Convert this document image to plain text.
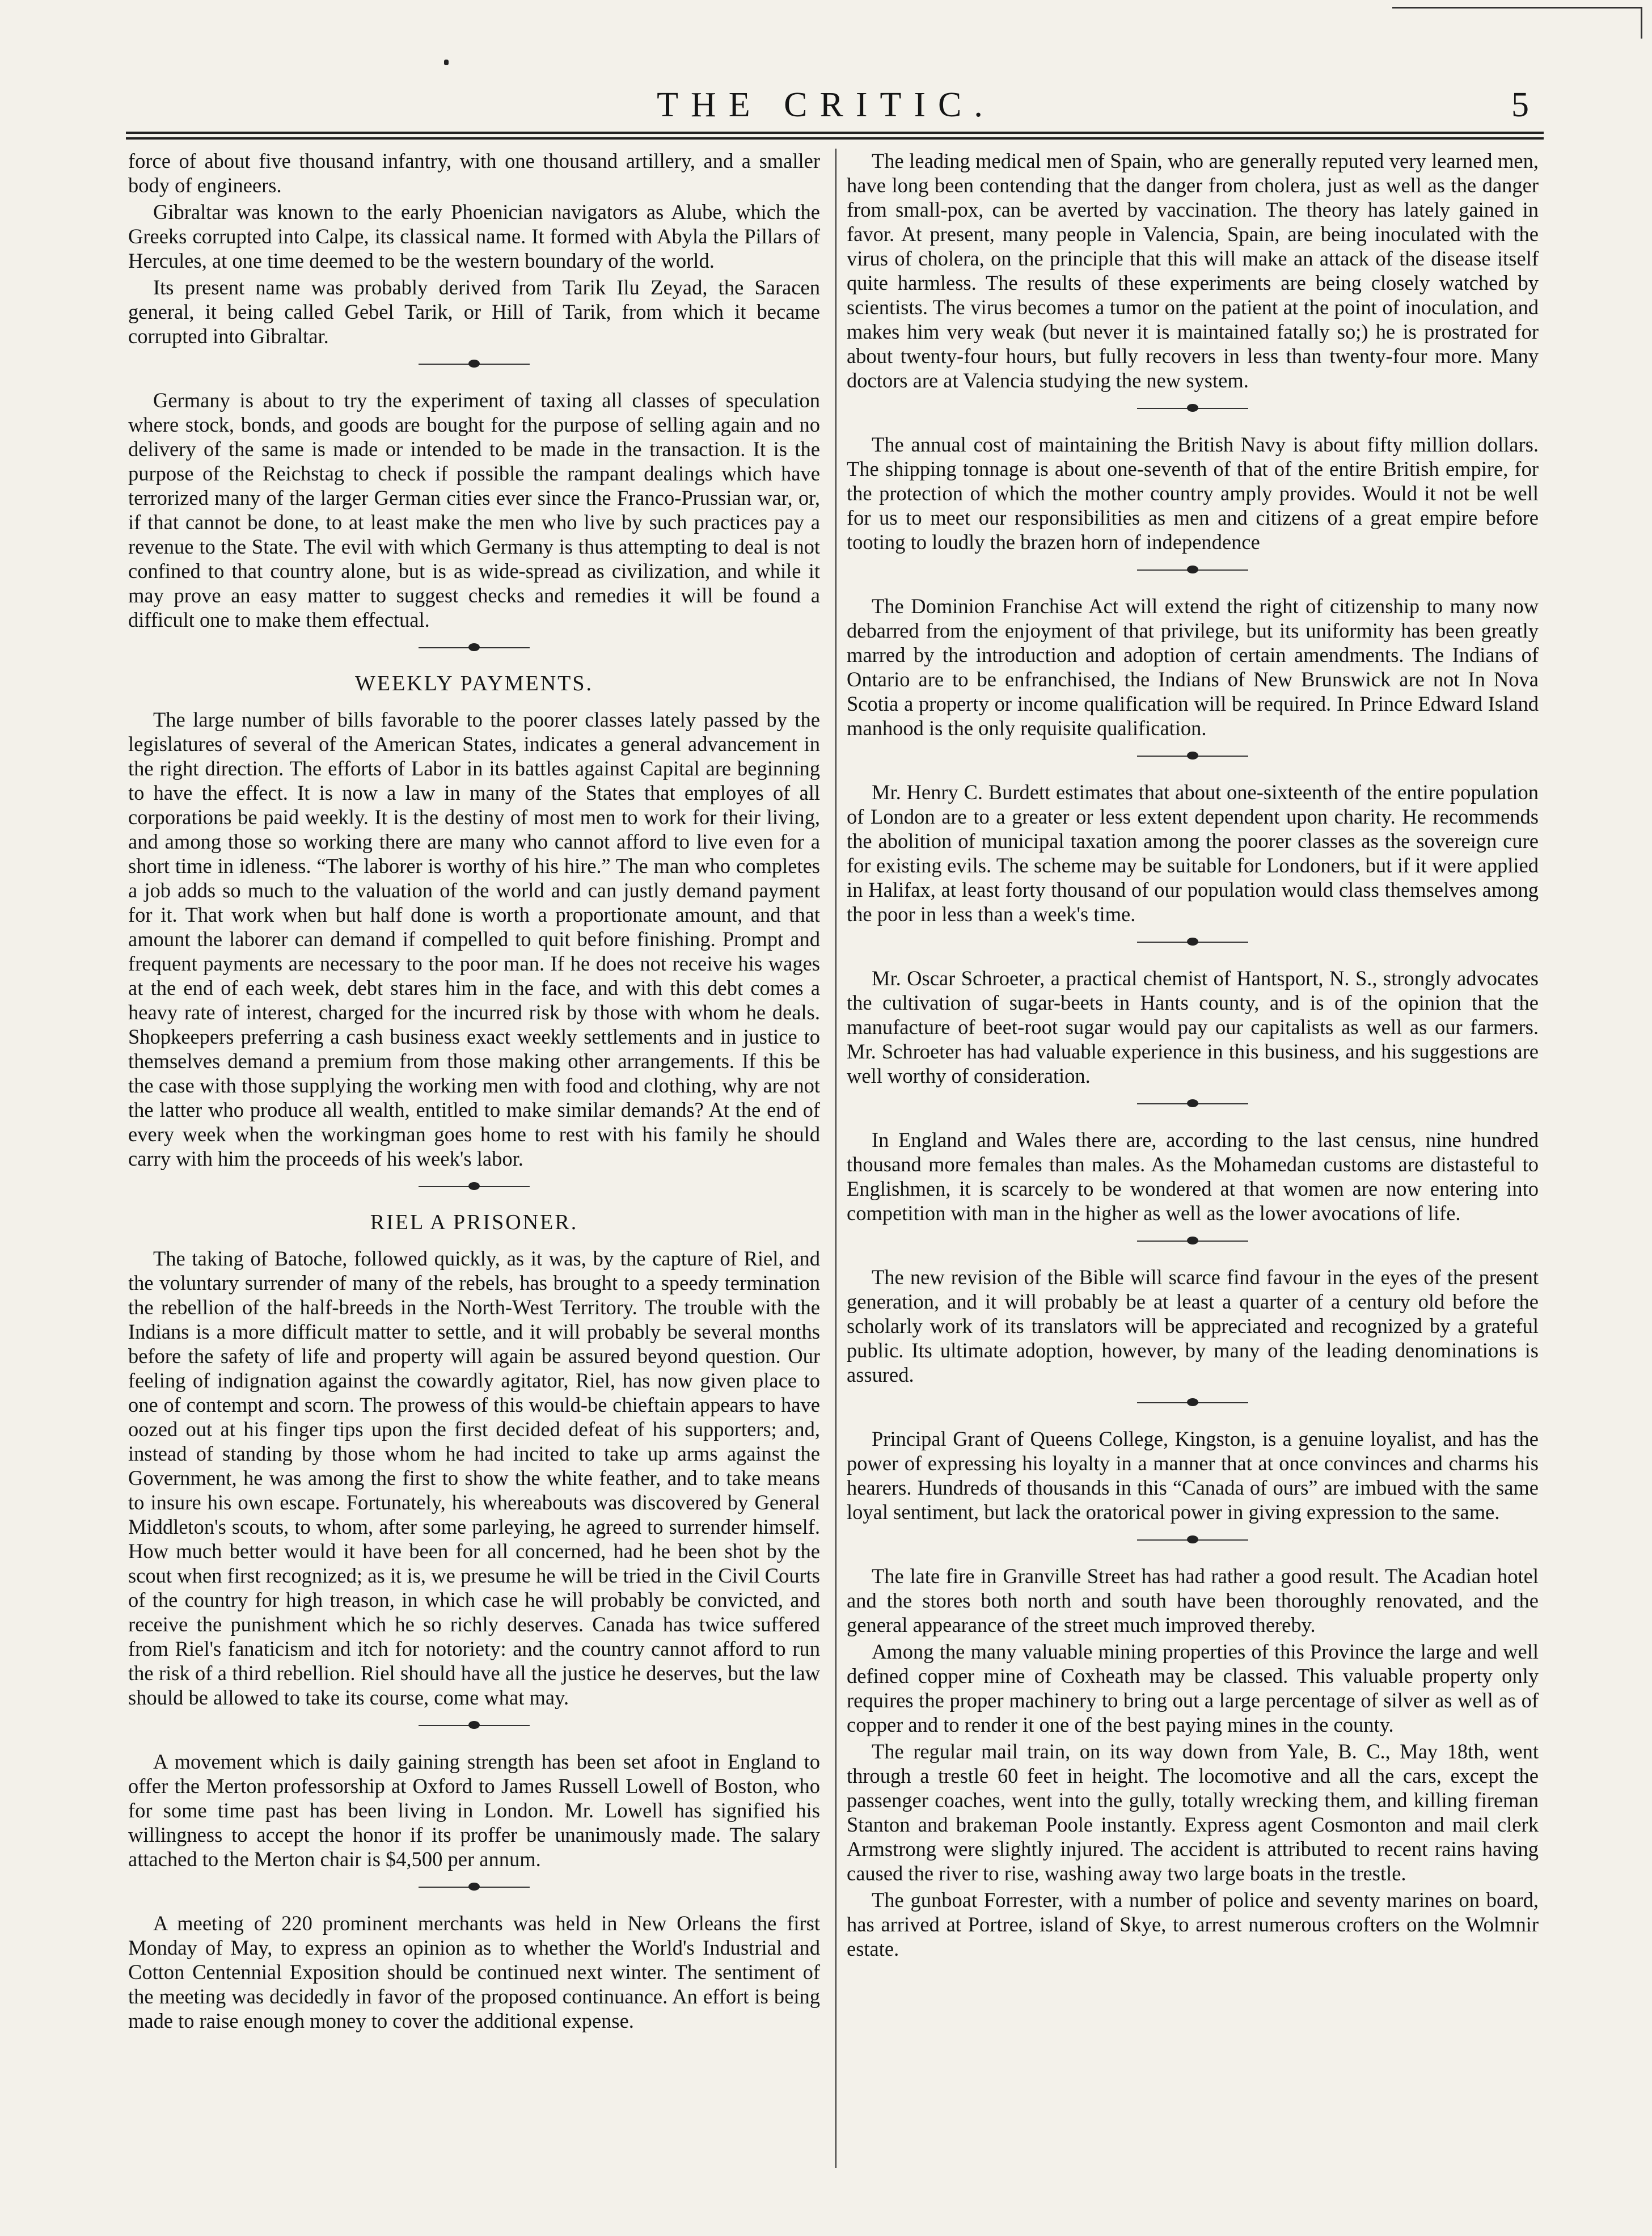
THE CRITIC.	5

force of about five thousand infantry, with one thousand artillery, and a smaller body of engineers.

Gibraltar was known to the early Phoenician navigators as Alube, which the Greeks corrupted into Calpe, its classical name. It formed with Abyla the Pillars of Hercules, at one time deemed to be the western boundary of the world.

Its present name was probably derived from Tarik Ilu Zeyad, the Saracen general, it being called Gebel Tarik, or Hill of Tarik, from which it became corrupted into Gibraltar.

Germany is about to try the experiment of taxing all classes of speculation where stock, bonds, and goods are bought for the purpose of selling again and no delivery of the same is made or intended to be made in the transaction. It is the purpose of the Reichstag to check if possible the rampant dealings which have terrorized many of the larger German cities ever since the Franco-Prussian war, or, if that cannot be done, to at least make the men who live by such practices pay a revenue to the State. The evil with which Germany is thus attempting to deal is not confined to that country alone, but is as wide-spread as civilization, and while it may prove an easy matter to suggest checks and remedies it will be found a difficult one to make them effectual.

WEEKLY PAYMENTS.

The large number of bills favorable to the poorer classes lately passed by the legislatures of several of the American States, indicates a general advancement in the right direction. The efforts of Labor in its battles against Capital are beginning to have the effect. It is now a law in many of the States that employes of all corporations be paid weekly. It is the destiny of most men to work for their living, and among those so working there are many who cannot afford to live even for a short time in idleness. “The laborer is worthy of his hire.” The man who completes a job adds so much to the valuation of the world and can justly demand payment for it. That work when but half done is worth a proportionate amount, and that amount the laborer can demand if compelled to quit before finishing. Prompt and frequent payments are necessary to the poor man. If he does not receive his wages at the end of each week, debt stares him in the face, and with this debt comes a heavy rate of interest, charged for the incurred risk by those with whom he deals. Shopkeepers preferring a cash business exact weekly settlements and in justice to themselves demand a premium from those making other arrangements. If this be the case with those supplying the working men with food and clothing, why are not the latter who produce all wealth, entitled to make similar demands? At the end of every week when the workingman goes home to rest with his family he should carry with him the proceeds of his week's labor.

RIEL A PRISONER.

The taking of Batoche, followed quickly, as it was, by the capture of Riel, and the voluntary surrender of many of the rebels, has brought to a speedy termination the rebellion of the half-breeds in the North-West Territory. The trouble with the Indians is a more difficult matter to settle, and it will probably be several months before the safety of life and property will again be assured beyond question. Our feeling of indignation against the cowardly agitator, Riel, has now given place to one of contempt and scorn. The prowess of this would-be chieftain appears to have oozed out at his finger tips upon the first decided defeat of his supporters; and, instead of standing by those whom he had incited to take up arms against the Government, he was among the first to show the white feather, and to take means to insure his own escape. Fortunately, his whereabouts was discovered by General Middleton's scouts, to whom, after some parleying, he agreed to surrender himself. How much better would it have been for all concerned, had he been shot by the scout when first recognized; as it is, we presume he will be tried in the Civil Courts of the country for high treason, in which case he will probably be convicted, and receive the punishment which he so richly deserves. Canada has twice suffered from Riel's fanaticism and itch for notoriety: and the country cannot afford to run the risk of a third rebellion. Riel should have all the justice he deserves, but the law should be allowed to take its course, come what may.

A movement which is daily gaining strength has been set afoot in England to offer the Merton professorship at Oxford to James Russell Lowell of Boston, who for some time past has been living in London. Mr. Lowell has signified his willingness to accept the honor if its proffer be unanimously made. The salary attached to the Merton chair is $4,500 per annum.

A meeting of 220 prominent merchants was held in New Orleans the first Monday of May, to express an opinion as to whether the World's Industrial and Cotton Centennial Exposition should be continued next winter. The sentiment of the meeting was decidedly in favor of the proposed continuance. An effort is being made to raise enough money to cover the additional expense.

The leading medical men of Spain, who are generally reputed very learned men, have long been contending that the danger from cholera, just as well as the danger from small-pox, can be averted by vaccination. The theory has lately gained in favor. At present, many people in Valencia, Spain, are being inoculated with the virus of cholera, on the principle that this will make an attack of the disease itself quite harmless. The results of these experiments are being closely watched by scientists. The virus becomes a tumor on the patient at the point of inoculation, and makes him very weak (but never it is maintained fatally so;) he is prostrated for about twenty-four hours, but fully recovers in less than twenty-four more. Many doctors are at Valencia studying the new system.

The annual cost of maintaining the British Navy is about fifty million dollars. The shipping tonnage is about one-seventh of that of the entire British empire, for the protection of which the mother country amply provides. Would it not be well for us to meet our responsibilities as men and citizens of a great empire before tooting to loudly the brazen horn of independence

The Dominion Franchise Act will extend the right of citizenship to many now debarred from the enjoyment of that privilege, but its uniformity has been greatly marred by the introduction and adoption of certain amendments. The Indians of Ontario are to be enfranchised, the Indians of New Brunswick are not In Nova Scotia a property or income qualification will be required. In Prince Edward Island manhood is the only requisite qualification.

Mr. Henry C. Burdett estimates that about one-sixteenth of the entire population of London are to a greater or less extent dependent upon charity. He recommends the abolition of municipal taxation among the poorer classes as the sovereign cure for existing evils. The scheme may be suitable for Londoners, but if it were applied in Halifax, at least forty thousand of our population would class themselves among the poor in less than a week's time.

Mr. Oscar Schroeter, a practical chemist of Hantsport, N. S., strongly advocates the cultivation of sugar-beets in Hants county, and is of the opinion that the manufacture of beet-root sugar would pay our capitalists as well as our farmers. Mr. Schroeter has had valuable experience in this business, and his suggestions are well worthy of consideration.

In England and Wales there are, according to the last census, nine hundred thousand more females than males. As the Mohamedan customs are distasteful to Englishmen, it is scarcely to be wondered at that women are now entering into competition with man in the higher as well as the lower avocations of life.

The new revision of the Bible will scarce find favour in the eyes of the present generation, and it will probably be at least a quarter of a century old before the scholarly work of its translators will be appreciated and recognized by a grateful public. Its ultimate adoption, however, by many of the leading denominations is assured.

Principal Grant of Queens College, Kingston, is a genuine loyalist, and has the power of expressing his loyalty in a manner that at once convinces and charms his hearers. Hundreds of thousands in this “Canada of ours” are imbued with the same loyal sentiment, but lack the oratorical power in giving expression to the same.

The late fire in Granville Street has had rather a good result. The Acadian hotel and the stores both north and south have been thoroughly renovated, and the general appearance of the street much improved thereby.

Among the many valuable mining properties of this Province the large and well defined copper mine of Coxheath may be classed. This valuable property only requires the proper machinery to bring out a large percentage of silver as well as of copper and to render it one of the best paying mines in the county.

The regular mail train, on its way down from Yale, B. C., May 18th, went through a trestle 60 feet in height. The locomotive and all the cars, except the passenger coaches, went into the gully, totally wrecking them, and killing fireman Stanton and brakeman Poole instantly. Express agent Cosmonton and mail clerk Armstrong were slightly injured. The accident is attributed to recent rains having caused the river to rise, washing away two large boats in the trestle.

The gunboat Forrester, with a number of police and seventy marines on board, has arrived at Portree, island of Skye, to arrest numerous crofters on the Wolmnir estate.
